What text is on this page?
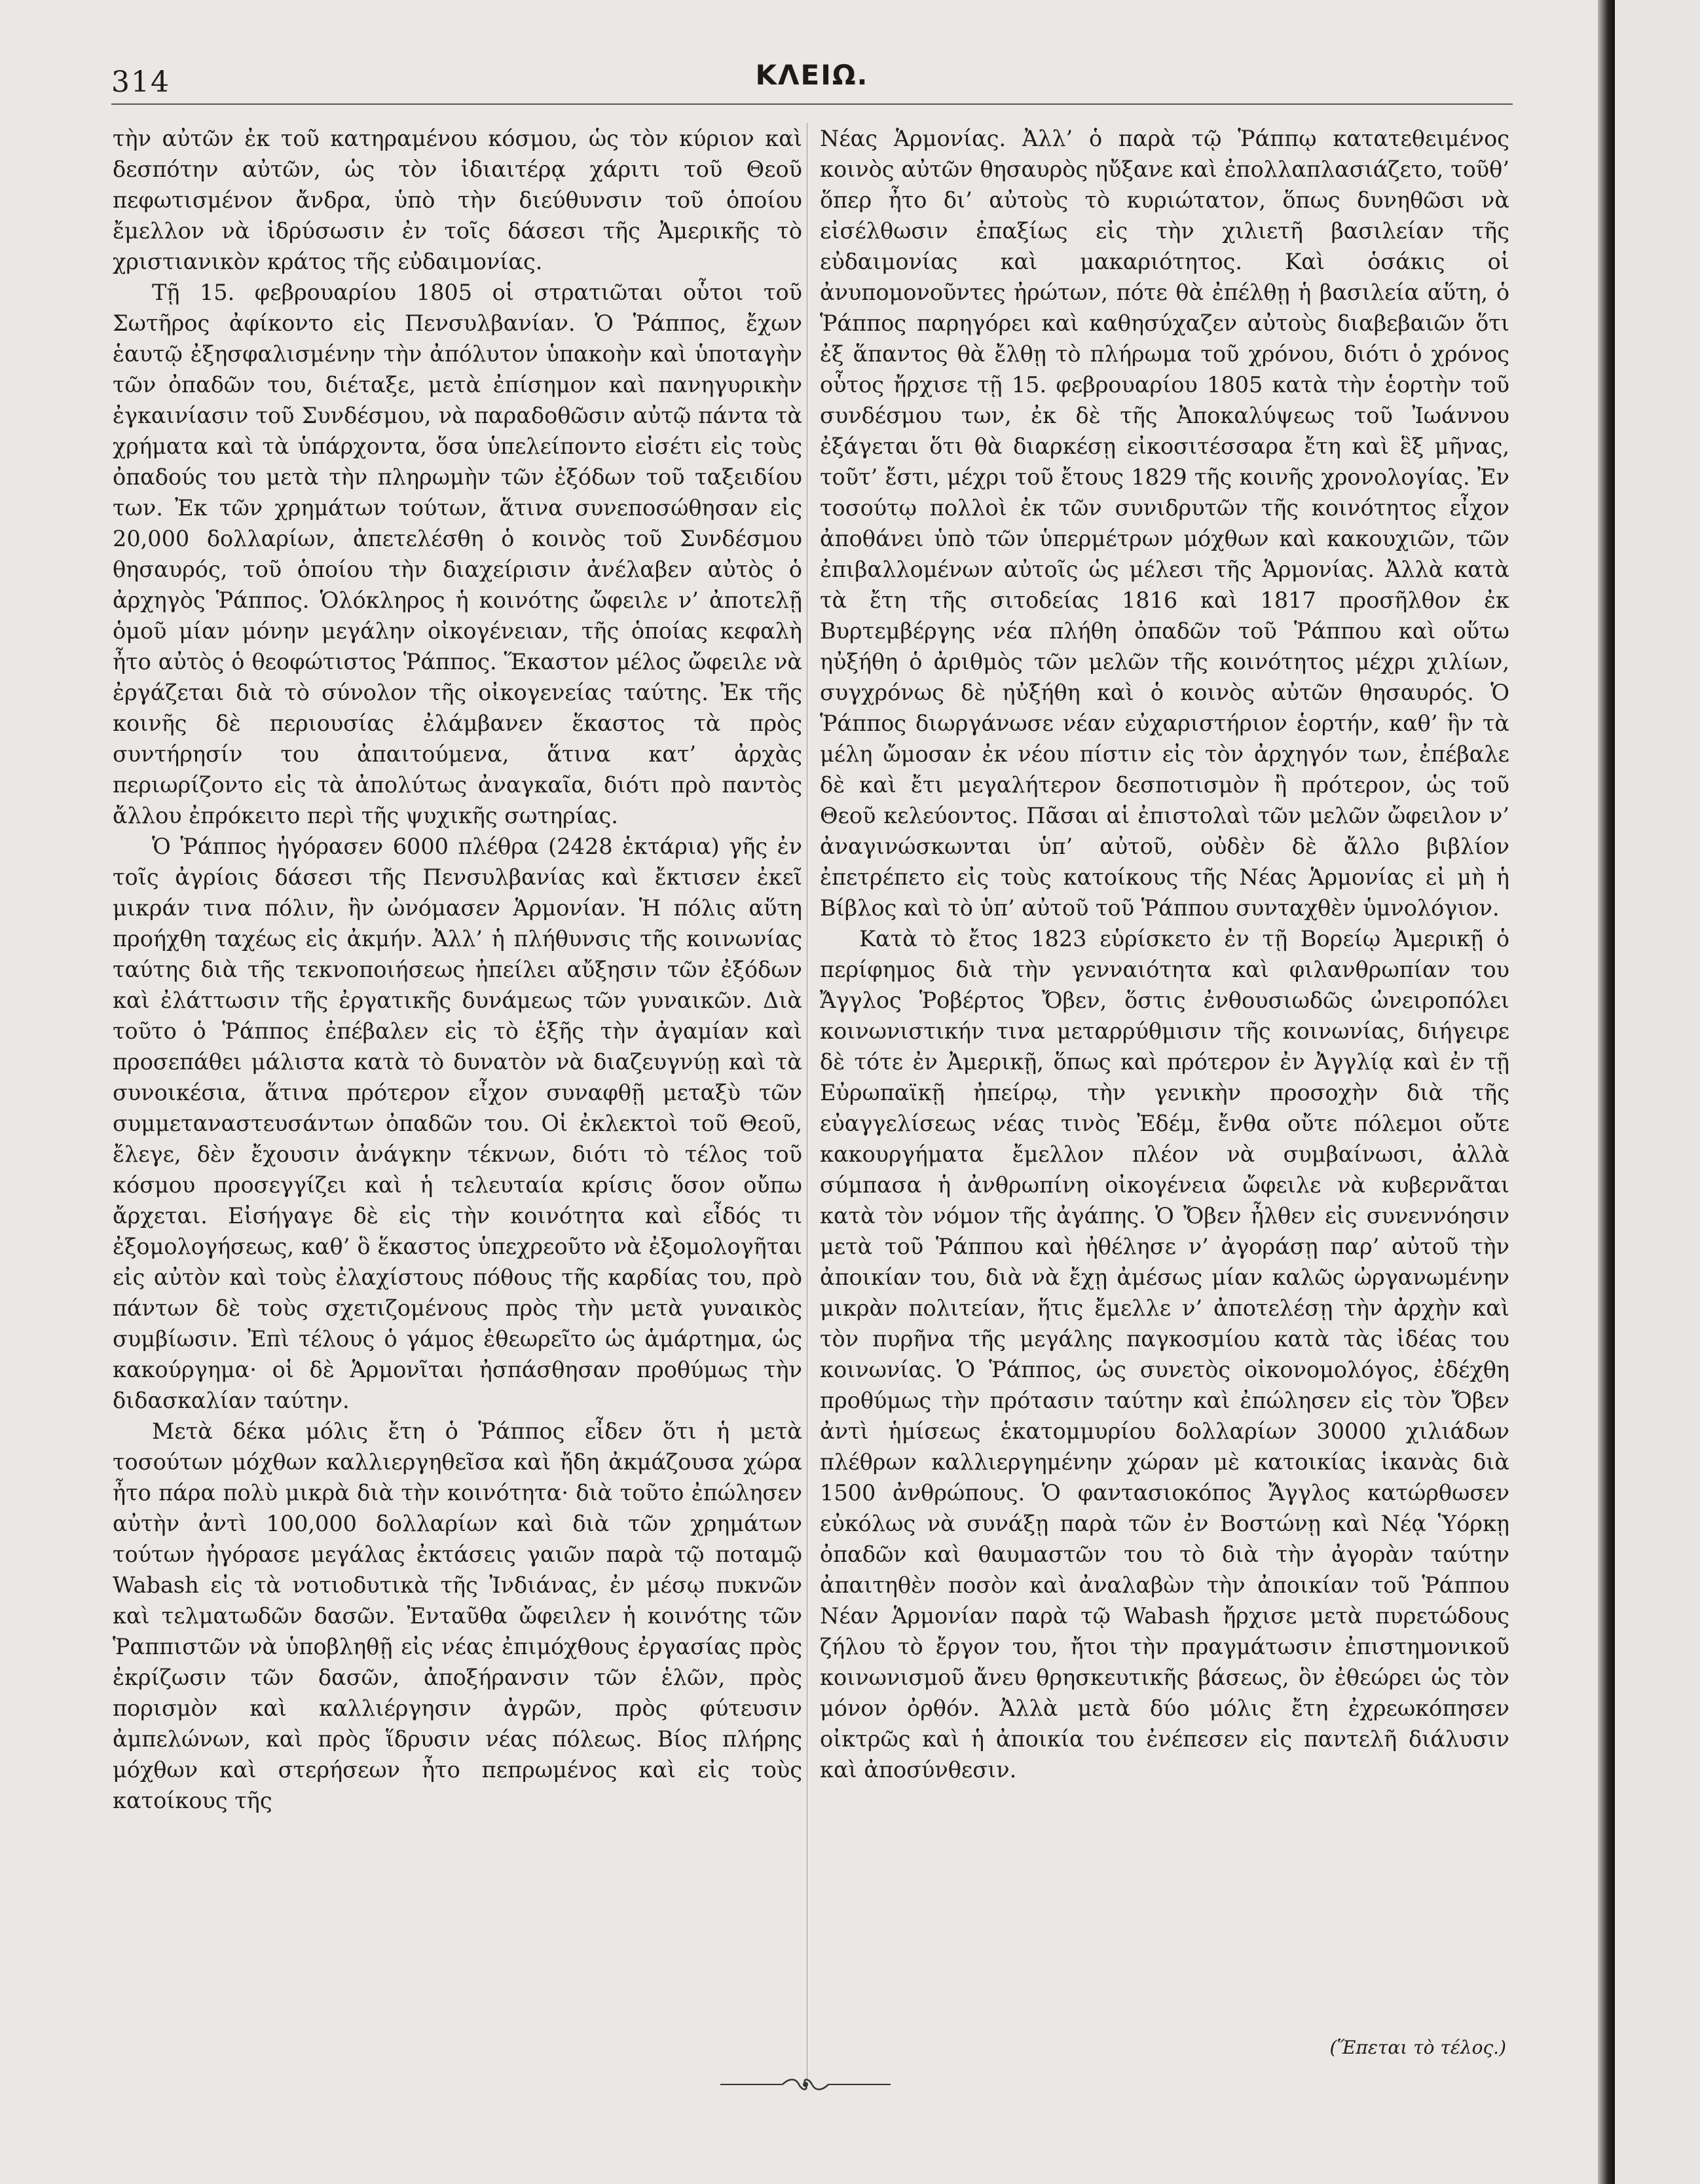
314	ΚΛΕΙΩ.

τὴν αὐτῶν ἐκ τοῦ κατηραμένου κόσμου, ὡς τὸν κύριον καὶ δεσπότην αὐτῶν, ὡς τὸν ἰδιαιτέρᾳ χάριτι τοῦ Θεοῦ πεφωτισμένον ἄνδρα, ὑπὸ τὴν διεύθυνσιν τοῦ ὁποίου ἔμελλον νὰ ἱδρύσωσιν ἐν τοῖς δάσεσι τῆς Ἀμερικῆς τὸ χριστιανικὸν κράτος τῆς εὐδαιμονίας.

Τῇ 15. φεβρουαρίου 1805 οἱ στρατιῶται οὗτοι τοῦ Σωτῆρος ἀφίκοντο εἰς Πενσυλβανίαν. Ὁ Ῥάππος, ἔχων ἑαυτῷ ἐξησφαλισμένην τὴν ἀπόλυτον ὑπακοὴν καὶ ὑποταγὴν τῶν ὀπαδῶν του, διέταξε, μετὰ ἐπίσημον καὶ πανηγυρικὴν ἐγκαινίασιν τοῦ Συνδέσμου, νὰ παραδοθῶσιν αὐτῷ πάντα τὰ χρήματα καὶ τὰ ὑπάρχοντα, ὅσα ὑπελείποντο εἰσέτι εἰς τοὺς ὀπαδούς του μετὰ τὴν πληρωμὴν τῶν ἐξόδων τοῦ ταξειδίου των. Ἐκ τῶν χρημάτων τούτων, ἅτινα συνεποσώθησαν εἰς 20,000 δολλαρίων, ἀπετελέσθη ὁ κοινὸς τοῦ Συνδέσμου θησαυρός, τοῦ ὁποίου τὴν διαχείρισιν ἀνέλαβεν αὐτὸς ὁ ἀρχηγὸς Ῥάππος. Ὁλόκληρος ἡ κοινότης ὤφειλε ν’ ἀποτελῇ ὁμοῦ μίαν μόνην μεγάλην οἰκογένειαν, τῆς ὁποίας κεφαλὴ ἦτο αὐτὸς ὁ θεοφώτιστος Ῥάππος. Ἕκαστον μέλος ὤφειλε νὰ ἐργάζεται διὰ τὸ σύνολον τῆς οἰκογενείας ταύτης. Ἐκ τῆς κοινῆς δὲ περιουσίας ἐλάμβανεν ἕκαστος τὰ πρὸς συντήρησίν του ἀπαιτούμενα, ἅτινα κατ’ ἀρχὰς περιωρίζοντο εἰς τὰ ἀπολύτως ἀναγκαῖα, διότι πρὸ παντὸς ἄλλου ἐπρόκειτο περὶ τῆς ψυχικῆς σωτηρίας.

Ὁ Ῥάππος ἠγόρασεν 6000 πλέθρα (2428 ἑκτάρια) γῆς ἐν τοῖς ἀγρίοις δάσεσι τῆς Πενσυλβανίας καὶ ἔκτισεν ἐκεῖ μικράν τινα πόλιν, ἣν ὠνόμασεν Ἁρμονίαν. Ἡ πόλις αὕτη προήχθη ταχέως εἰς ἀκμήν. Ἀλλ’ ἡ πλήθυνσις τῆς κοινωνίας ταύτης διὰ τῆς τεκνοποιήσεως ἠπείλει αὔξησιν τῶν ἐξόδων καὶ ἐλάττωσιν τῆς ἐργατικῆς δυνάμεως τῶν γυναικῶν. Διὰ τοῦτο ὁ Ῥάππος ἐπέβαλεν εἰς τὸ ἑξῆς τὴν ἀγαμίαν καὶ προσεπάθει μάλιστα κατὰ τὸ δυνατὸν νὰ διαζευγνύῃ καὶ τὰ συνοικέσια, ἅτινα πρότερον εἶχον συναφθῇ μεταξὺ τῶν συμμεταναστευσάντων ὀπαδῶν του. Οἱ ἐκλεκτοὶ τοῦ Θεοῦ, ἔλεγε, δὲν ἔχουσιν ἀνάγκην τέκνων, διότι τὸ τέλος τοῦ κόσμου προσεγγίζει καὶ ἡ τελευταία κρίσις ὅσον οὔπω ἄρχεται. Εἰσήγαγε δὲ εἰς τὴν κοινότητα καὶ εἶδός τι ἐξομολογήσεως, καθ’ ὃ ἕκαστος ὑπεχρεοῦτο νὰ ἐξομολογῆται εἰς αὐτὸν καὶ τοὺς ἐλαχίστους πόθους τῆς καρδίας του, πρὸ πάντων δὲ τοὺς σχετιζομένους πρὸς τὴν μετὰ γυναικὸς συμβίωσιν. Ἐπὶ τέλους ὁ γάμος ἐθεωρεῖτο ὡς ἁμάρτημα, ὡς κακούργημα· οἱ δὲ Ἁρμονῖται ἠσπάσθησαν προθύμως τὴν διδασκαλίαν ταύτην.

Μετὰ δέκα μόλις ἔτη ὁ Ῥάππος εἶδεν ὅτι ἡ μετὰ τοσούτων μόχθων καλλιεργηθεῖσα καὶ ἤδη ἀκμάζουσα χώρα ἦτο πάρα πολὺ μικρὰ διὰ τὴν κοινότητα· διὰ τοῦτο ἐπώλησεν αὐτὴν ἀντὶ 100,000 δολλαρίων καὶ διὰ τῶν χρημάτων τούτων ἠγόρασε μεγάλας ἐκτάσεις γαιῶν παρὰ τῷ ποταμῷ Wabash εἰς τὰ νοτιοδυτικὰ τῆς Ἰνδιάνας, ἐν μέσῳ πυκνῶν καὶ τελματωδῶν δασῶν. Ἐνταῦθα ὤφειλεν ἡ κοινότης τῶν Ῥαππιστῶν νὰ ὑποβληθῇ εἰς νέας ἐπιμόχθους ἐργασίας πρὸς ἐκρίζωσιν τῶν δασῶν, ἀποξήρανσιν τῶν ἑλῶν, πρὸς πορισμὸν καὶ καλλιέργησιν ἀγρῶν, πρὸς φύτευσιν ἀμπελώνων, καὶ πρὸς ἵδρυσιν νέας πόλεως. Βίος πλήρης μόχθων καὶ στερήσεων ἦτο πεπρωμένος καὶ εἰς τοὺς κατοίκους τῆς

Νέας Ἁρμονίας. Ἀλλ’ ὁ παρὰ τῷ Ῥάππῳ κατατεθειμένος κοινὸς αὐτῶν θησαυρὸς ηὔξανε καὶ ἐπολλαπλασιάζετο, τοῦθ’ ὅπερ ἦτο δι’ αὐτοὺς τὸ κυριώτατον, ὅπως δυνηθῶσι νὰ εἰσέλθωσιν ἐπαξίως εἰς τὴν χιλιετῆ βασιλείαν τῆς εὐδαιμονίας καὶ μακαριότητος. Καὶ ὁσάκις οἱ ἀνυπομονοῦντες ἠρώτων, πότε θὰ ἐπέλθῃ ἡ βασιλεία αὕτη, ὁ Ῥάππος παρηγόρει καὶ καθησύχαζεν αὐτοὺς διαβεβαιῶν ὅτι ἐξ ἅπαντος θὰ ἔλθῃ τὸ πλήρωμα τοῦ χρόνου, διότι ὁ χρόνος οὗτος ἤρχισε τῇ 15. φεβρουαρίου 1805 κατὰ τὴν ἑορτὴν τοῦ συνδέσμου των, ἐκ δὲ τῆς Ἀποκαλύψεως τοῦ Ἰωάννου ἐξάγεται ὅτι θὰ διαρκέσῃ εἰκοσιτέσσαρα ἔτη καὶ ἓξ μῆνας, τοῦτ’ ἔστι, μέχρι τοῦ ἔτους 1829 τῆς κοινῆς χρονολογίας. Ἐν τοσούτῳ πολλοὶ ἐκ τῶν συνιδρυτῶν τῆς κοινότητος εἶχον ἀποθάνει ὑπὸ τῶν ὑπερμέτρων μόχθων καὶ κακουχιῶν, τῶν ἐπιβαλλομένων αὐτοῖς ὡς μέλεσι τῆς Ἁρμονίας. Ἀλλὰ κατὰ τὰ ἔτη τῆς σιτοδείας 1816 καὶ 1817 προσῆλθον ἐκ Βυρτεμβέργης νέα πλήθη ὀπαδῶν τοῦ Ῥάππου καὶ οὕτω ηὐξήθη ὁ ἀριθμὸς τῶν μελῶν τῆς κοινότητος μέχρι χιλίων, συγχρόνως δὲ ηὐξήθη καὶ ὁ κοινὸς αὐτῶν θησαυρός. Ὁ Ῥάππος διωργάνωσε νέαν εὐχαριστήριον ἑορτήν, καθ’ ἣν τὰ μέλη ὤμοσαν ἐκ νέου πίστιν εἰς τὸν ἀρχηγόν των, ἐπέβαλε δὲ καὶ ἔτι μεγαλήτερον δεσποτισμὸν ἢ πρότερον, ὡς τοῦ Θεοῦ κελεύοντος. Πᾶσαι αἱ ἐπιστολαὶ τῶν μελῶν ὤφειλον ν’ ἀναγινώσκωνται ὑπ’ αὐτοῦ, οὐδὲν δὲ ἄλλο βιβλίον ἐπετρέπετο εἰς τοὺς κατοίκους τῆς Νέας Ἁρμονίας εἰ μὴ ἡ Βίβλος καὶ τὸ ὑπ’ αὐτοῦ τοῦ Ῥάππου συνταχθὲν ὑμνολόγιον.

Κατὰ τὸ ἔτος 1823 εὑρίσκετο ἐν τῇ Βορείῳ Ἀμερικῇ ὁ περίφημος διὰ τὴν γενναιότητα καὶ φιλανθρωπίαν του Ἄγγλος Ῥοβέρτος Ὄβεν, ὅστις ἐνθουσιωδῶς ὠνειροπόλει κοινωνιστικήν τινα μεταρρύθμισιν τῆς κοινωνίας, διήγειρε δὲ τότε ἐν Ἀμερικῇ, ὅπως καὶ πρότερον ἐν Ἀγγλίᾳ καὶ ἐν τῇ Εὐρωπαϊκῇ ἠπείρῳ, τὴν γενικὴν προσοχὴν διὰ τῆς εὐαγγελίσεως νέας τινὸς Ἐδέμ, ἔνθα οὔτε πόλεμοι οὔτε κακουργήματα ἔμελλον πλέον νὰ συμβαίνωσι, ἀλλὰ σύμπασα ἡ ἀνθρωπίνη οἰκογένεια ὤφειλε νὰ κυβερνᾶται κατὰ τὸν νόμον τῆς ἀγάπης. Ὁ Ὄβεν ἦλθεν εἰς συνεννόησιν μετὰ τοῦ Ῥάππου καὶ ἠθέλησε ν’ ἀγοράσῃ παρ’ αὐτοῦ τὴν ἀποικίαν του, διὰ νὰ ἔχῃ ἀμέσως μίαν καλῶς ὠργανωμένην μικρὰν πολιτείαν, ἥτις ἔμελλε ν’ ἀποτελέσῃ τὴν ἀρχὴν καὶ τὸν πυρῆνα τῆς μεγάλης παγκοσμίου κατὰ τὰς ἰδέας του κοινωνίας. Ὁ Ῥάππος, ὡς συνετὸς οἰκονομολόγος, ἐδέχθη προθύμως τὴν πρότασιν ταύτην καὶ ἐπώλησεν εἰς τὸν Ὄβεν ἀντὶ ἡμίσεως ἑκατομμυρίου δολλαρίων 30000 χιλιάδων πλέθρων καλλιεργημένην χώραν μὲ κατοικίας ἱκανὰς διὰ 1500 ἀνθρώπους. Ὁ φαντασιοκόπος Ἄγγλος κατώρθωσεν εὐκόλως νὰ συνάξῃ παρὰ τῶν ἐν Βοστώνῃ καὶ Νέᾳ Ὑόρκῃ ὀπαδῶν καὶ θαυμαστῶν του τὸ διὰ τὴν ἀγορὰν ταύτην ἀπαιτηθὲν ποσὸν καὶ ἀναλαβὼν τὴν ἀποικίαν τοῦ Ῥάππου Νέαν Ἁρμονίαν παρὰ τῷ Wabash ἤρχισε μετὰ πυρετώδους ζήλου τὸ ἔργον του, ἤτοι τὴν πραγμάτωσιν ἐπιστημονικοῦ κοινωνισμοῦ ἄνευ θρησκευτικῆς βάσεως, ὃν ἐθεώρει ὡς τὸν μόνον ὀρθόν. Ἀλλὰ μετὰ δύο μόλις ἔτη ἐχρεωκόπησεν οἰκτρῶς καὶ ἡ ἀποικία του ἐνέπεσεν εἰς παντελῆ διάλυσιν καὶ ἀποσύνθεσιν.

(Ἕπεται τὸ τέλος.)
